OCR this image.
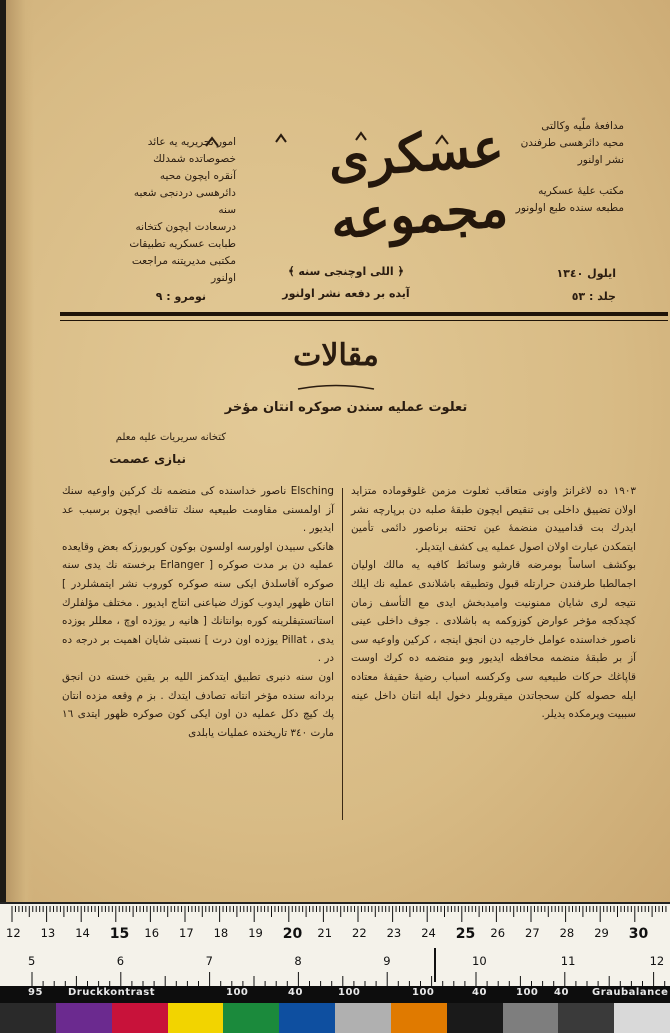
مدافعهٔ ملّيه وكالتى

محيه دائرهسى طرفندن

نشر اولنور

مكتب عليهٔ عسكريه

مطبعه سنده طبع اولونور

امور تحريريه يه عائد

خصوصاتده شمدلك

آنقره ايچون محيه

دائرهسى دردنجى شعبه سنه

درسعادت ايچون كتخانه

طبابت عسكريه تطبيقات

مكتبى مديريتنه مراجعت

اولنور

عسكرى مجموعه
﴿ اللى اوچنجى سنه ﴾
آيده بر دفعه نشر اولنور
ايلول ١٣٤٠
جلد : ٥٣
نومرو : ٩
مقالات
تعلوت عمليه سندن صوكره انتان مؤخر
كتخانه سريريات عليه معلم
نيازى عصمت

١٩٠٣ ده لاغرانژ واونى متعاقب ثعلوت مزمن غلوقوماده متزايد اولان تضييق داخلى بى تنقيص ايچون طبقهٔ صلبه دن برپارچه نشر ايدرك بت قدامييدن منضمهٔ عين تحتنه برناصور دائمى تأمين ايتمكدن عبارت اولان اصول عمليه يى كشف ايتديلر.

بوكشف اساساً بومرضه قارشو وسائط كافيه يه مالك اوليان اجمالطبا طرفندن حرارتله قبول وتطبيقه باشلاندى عمليه نك ايلك نتيجه لرى شايان ممنونيت واميدبخش ايدى مع التأسف زمان كچدكجه مؤخر عوارض كوزوكمه يه باشلادى . جوف داخلى عينى ناصور خداسنده عوامل خارجيه دن انجق اينجه ، كركين واوعيه سى آز بر طبقهٔ منضمه محافظه ايديور وبو منضمه ده كرك اوست قاپاغك حركات طبيعيه سى وكركسه اسباب رضيهٔ حقيفهٔ معتاده ايله حصوله كلن سحجاتدن ميقروبلر دخول ايله انتان داخل عينه سببيت ويرمكده يديلر.

Elsching ناصور خداسنده كى منضمه نك كركين واوعيه سنك آز اولمسنى مقاومت طبيعيه سنك تناقصى ايچون برسبب عد ايديور .

هانكى سبيدن اولورسه اولسون بوكون كوريورزكه بعض وقايعده عمليه دن بر مدت صوكره [ Erlanger برخسته نك يدى سنه صوكره آقاسلدق ايكى سنه صوكره كوروب نشر ايتمشلردر ] انتان ظهور ايدوب كوزك ضياعنى انتاج ايديور . مختلف مؤلفلرك استاتستيقلرينه كوره بوانتانك [ هانيه ر يوزده اوچ ، معللر يوزده يدى ، Pillat يوزده اون درت ] نسبتى شايان اهميت بر درجه ده در .

اون سنه دنبرى تطبيق ايتدكمز الليه بر يقين خسته دن انجق بردانه سنده مؤخر انتانه تصادف ايتدك . بز م وقعه مزده انتان پك كيچ دكل عمليه دن اون ايكى كون صوكره ظهور ايتدى ١٦ مارت ٣٤٠ تاريخنده عمليات يابلدى

12 13 14 15 16 17 18 19 20 21 22 23 24 25 26 27 28 29 30
5	6	7	8	9	10	11	12
95	Druckkontrast	100	40	100	100	40	100 40 Graubalance
